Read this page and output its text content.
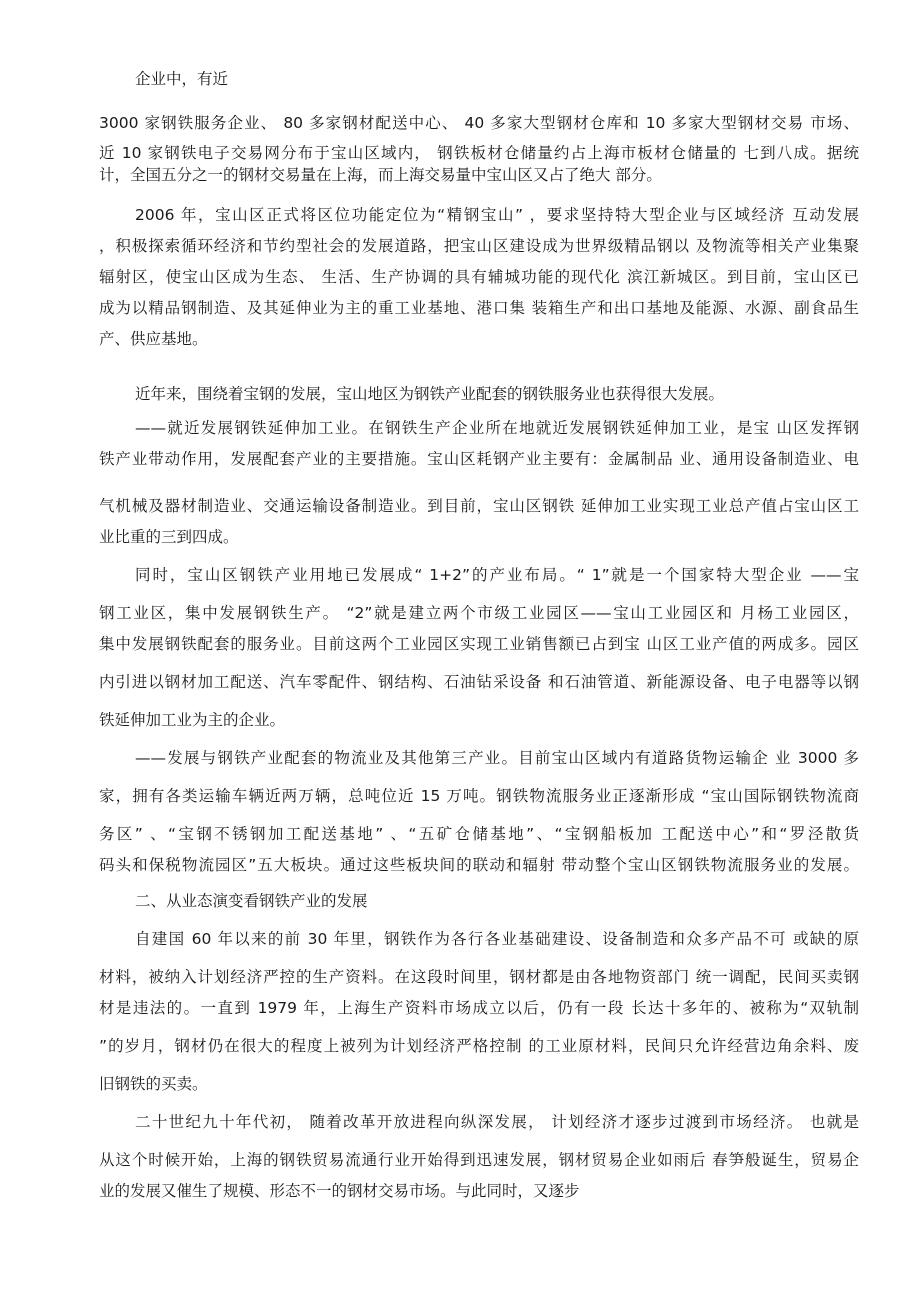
企业中，有近
3000 家钢铁服务企业、 80 多家钢材配送中心、 40 多家大型钢材仓库和 10 多家大型钢材交易 市场、
近 10 家钢铁电子交易网分布于宝山区域内， 钢铁板材仓储量约占上海市板材仓储量的 七到八成。据统
计，全国五分之一的钢材交易量在上海，而上海交易量中宝山区又占了绝大 部分。
2006 年，宝山区正式将区位功能定位为“精钢宝山” ，要求坚持特大型企业与区域经济 互动发展
，积极探索循环经济和节约型社会的发展道路，把宝山区建设成为世界级精品钢以 及物流等相关产业集聚
辐射区，使宝山区成为生态、 生活、生产协调的具有辅城功能的现代化 滨江新城区。到目前，宝山区已
成为以精品钢制造、及其延伸业为主的重工业基地、港口集 装箱生产和出口基地及能源、水源、副食品生
产、供应基地。
近年来，围绕着宝钢的发展，宝山地区为钢铁产业配套的钢铁服务业也获得很大发展。
——就近发展钢铁延伸加工业。在钢铁生产企业所在地就近发展钢铁延伸加工业，是宝 山区发挥钢
铁产业带动作用，发展配套产业的主要措施。宝山区耗钢产业主要有：金属制品 业、通用设备制造业、电
气机械及器材制造业、交通运输设备制造业。到目前，宝山区钢铁 延伸加工业实现工业总产值占宝山区工
业比重的三到四成。
同时，宝山区钢铁产业用地已发展成“ 1+2”的产业布局。“ 1”就是一个国家特大型企业 ——宝
钢工业区，集中发展钢铁生产。 “2”就是建立两个市级工业园区——宝山工业园区和 月杨工业园区，
集中发展钢铁配套的服务业。目前这两个工业园区实现工业销售额已占到宝 山区工业产值的两成多。园区
内引进以钢材加工配送、汽车零配件、钢结构、石油钻采设备 和石油管道、新能源设备、电子电器等以钢
铁延伸加工业为主的企业。
——发展与钢铁产业配套的物流业及其他第三产业。目前宝山区域内有道路货物运输企 业 3000 多
家，拥有各类运输车辆近两万辆，总吨位近 15 万吨。钢铁物流服务业正逐渐形成 “宝山国际钢铁物流商
务区” 、“宝钢不锈钢加工配送基地” 、“五矿仓储基地”、“宝钢船板加 工配送中心”和“罗泾散货
码头和保税物流园区”五大板块。通过这些板块间的联动和辐射 带动整个宝山区钢铁物流服务业的发展。
二、从业态演变看钢铁产业的发展
自建国 60 年以来的前 30 年里，钢铁作为各行各业基础建设、设备制造和众多产品不可 或缺的原
材料，被纳入计划经济严控的生产资料。在这段时间里，钢材都是由各地物资部门 统一调配，民间买卖钢
材是违法的。一直到 1979 年，上海生产资料市场成立以后，仍有一段 长达十多年的、被称为“双轨制
”的岁月，钢材仍在很大的程度上被列为计划经济严格控制 的工业原材料，民间只允许经营边角余料、废
旧钢铁的买卖。
二十世纪九十年代初， 随着改革开放进程向纵深发展， 计划经济才逐步过渡到市场经济。 也就是
从这个时候开始，上海的钢铁贸易流通行业开始得到迅速发展，钢材贸易企业如雨后 春笋般诞生，贸易企
业的发展又催生了规模、形态不一的钢材交易市场。与此同时，又逐步
